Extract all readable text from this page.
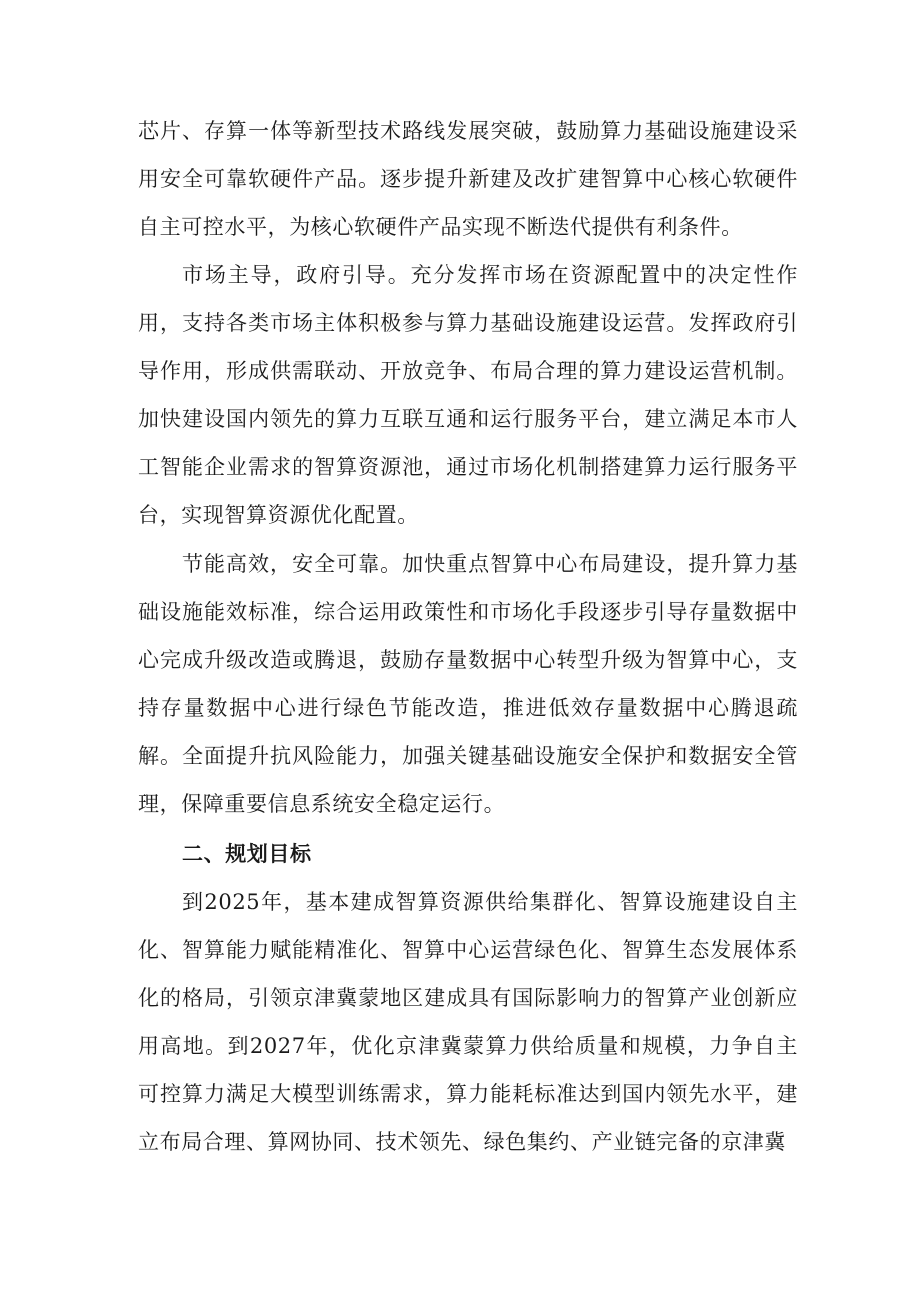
芯片、存算一体等新型技术路线发展突破，鼓励算力基础设施建设采用安全可靠软硬件产品。逐步提升新建及改扩建智算中心核心软硬件自主可控水平，为核心软硬件产品实现不断迭代提供有利条件。

市场主导，政府引导。充分发挥市场在资源配置中的决定性作用，支持各类市场主体积极参与算力基础设施建设运营。发挥政府引导作用，形成供需联动、开放竞争、布局合理的算力建设运营机制。加快建设国内领先的算力互联互通和运行服务平台，建立满足本市人工智能企业需求的智算资源池，通过市场化机制搭建算力运行服务平台，实现智算资源优化配置。

节能高效，安全可靠。加快重点智算中心布局建设，提升算力基础设施能效标准，综合运用政策性和市场化手段逐步引导存量数据中心完成升级改造或腾退，鼓励存量数据中心转型升级为智算中心，支持存量数据中心进行绿色节能改造，推进低效存量数据中心腾退疏解。全面提升抗风险能力，加强关键基础设施安全保护和数据安全管理，保障重要信息系统安全稳定运行。

二、规划目标

到2025年，基本建成智算资源供给集群化、智算设施建设自主化、智算能力赋能精准化、智算中心运营绿色化、智算生态发展体系化的格局，引领京津冀蒙地区建成具有国际影响力的智算产业创新应用高地。到2027年，优化京津冀蒙算力供给质量和规模，力争自主可控算力满足大模型训练需求，算力能耗标准达到国内领先水平，建立布局合理、算网协同、技术领先、绿色集约、产业链完备的京津冀
